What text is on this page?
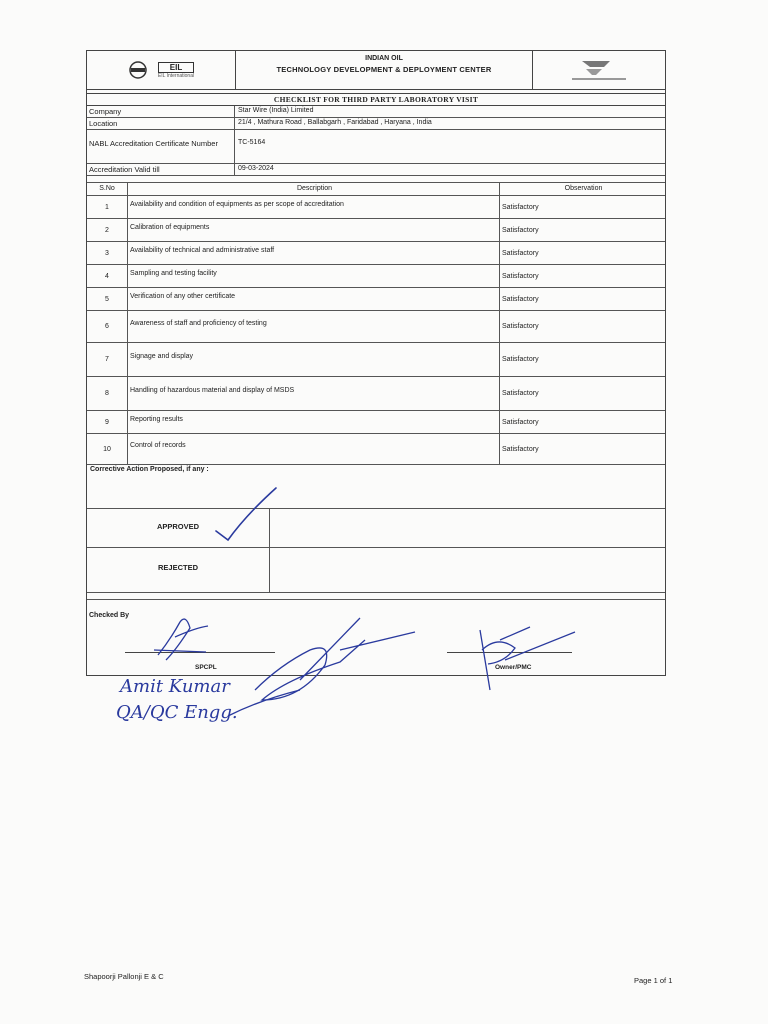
EIL
EIL International
INDIAN OIL
TECHNOLOGY DEVELOPMENT & DEPLOYMENT CENTER
CHECKLIST FOR THIRD PARTY LABORATORY VISIT
Company	Star Wire (India) Limited
Location	21/4 , Mathura Road , Ballabgarh , Faridabad , Haryana , India
NABL Accreditation Certificate Number	TC-5164
Accreditation Valid till	09-03-2024
S.No	Description	Observation
1	Availability and condition of equipments as per scope of accreditation	Satisfactory
2	Calibration of equipments	Satisfactory
3	Availability of technical and administrative staff	Satisfactory
4	Sampling and testing facility	Satisfactory
5	Verification of any other certificate	Satisfactory
6	Awareness of staff and proficiency of testing	Satisfactory
7	Signage and display	Satisfactory
8	Handling of hazardous material and display of MSDS	Satisfactory
9	Reporting results	Satisfactory
10	Control of records	Satisfactory
Corrective Action Proposed, if any :
APPROVED
REJECTED
Checked By
SPCPL	Owner/PMC
Amit Kumar
QA/QC Engg.
Shapoorji Pallonji E & C	Page 1 of 1
